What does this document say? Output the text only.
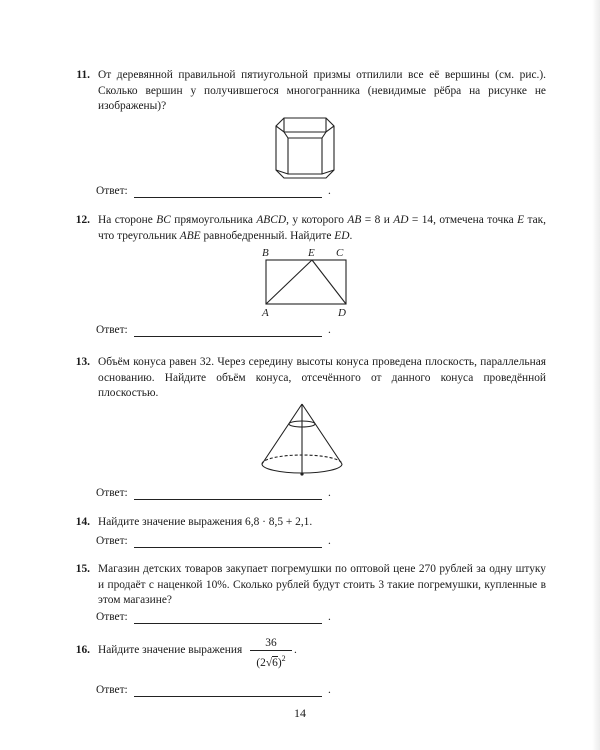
11. От деревянной правильной пятиугольной призмы отпилили все её вершины (см. рис.). Сколько вершин у получившегося многогранника (невидимые рёбра на рисунке не изображены)?
Ответ:	.
12. На стороне BC прямоугольника ABCD, у которого AB = 8 и AD = 14, отмечена точка E так, что треугольник ABE равнобедренный. Найдите ED.
B	E C
A	D
Ответ:	.
13. Объём конуса равен 32. Через середину высоты конуса проведена плоскость, параллельная основанию. Найдите объём конуса, отсечённого от данного конуса проведённой плоскостью.
Ответ:	.
14. Найдите значение выражения 6,8 · 8,5 + 2,1.
Ответ:	.
15. Магазин детских товаров закупает погремушки по оптовой цене 270 рублей за одну штуку и продаёт с наценкой 10%. Сколько рублей будут стоить 3 такие погремушки, купленные в этом магазине?
Ответ:	.
16. Найдите значение выражения $\frac{36}{(2√6)^2}$ .
Ответ:	.
14
